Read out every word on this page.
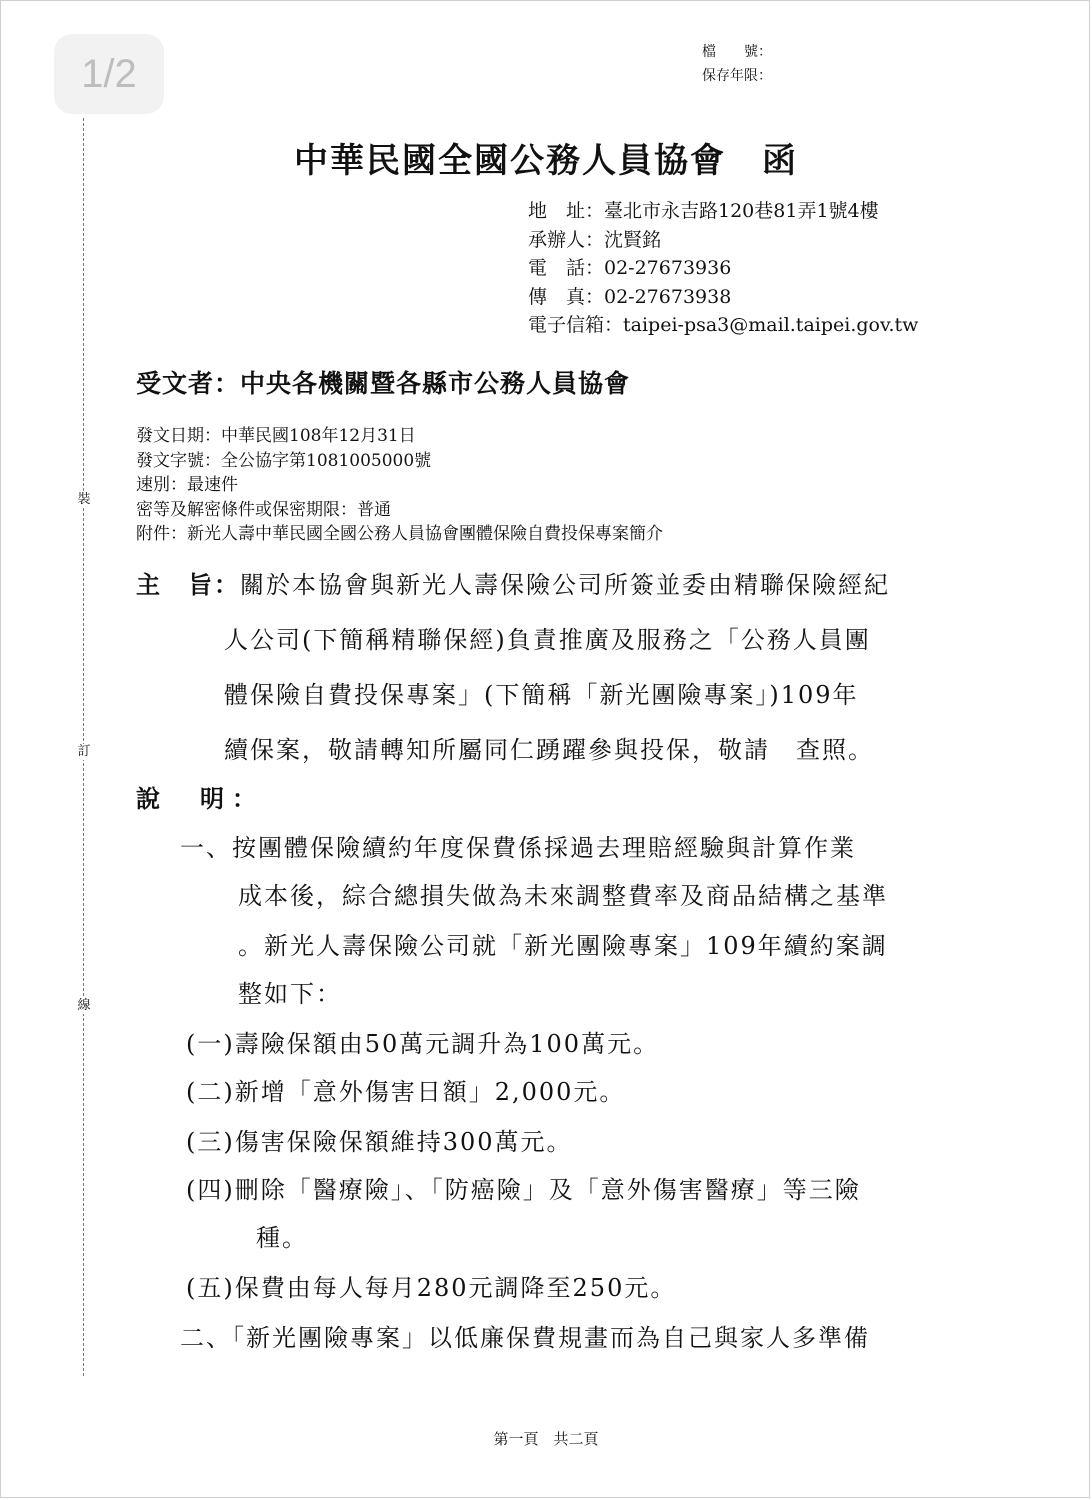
1/2
裝
訂
線
檔　　號：
保存年限：
中華民國全國公務人員協會　函
地　址：臺北市永吉路120巷81弄1號4樓
承辦人：沈賢銘
電　話：02-27673936
傳　真：02-27673938
電子信箱：taipei-psa3@mail.taipei.gov.tw
受文者：中央各機關暨各縣市公務人員協會
發文日期：中華民國108年12月31日
發文字號：全公協字第1081005000號
速別：最速件
密等及解密條件或保密期限：普通
附件：新光人壽中華民國全國公務人員協會團體保險自費投保專案簡介
主　旨：關於本協會與新光人壽保險公司所簽並委由精聯保險經紀
人公司(下簡稱精聯保經)負責推廣及服務之「公務人員團
體保險自費投保專案」(下簡稱「新光團險專案」)109年
續保案，敬請轉知所屬同仁踴躍參與投保，敬請　查照。
說　明：
一、按團體保險續約年度保費係採過去理賠經驗與計算作業
成本後，綜合總損失做為未來調整費率及商品結構之基準
。新光人壽保險公司就「新光團險專案」109年續約案調
整如下：
(一)壽險保額由50萬元調升為100萬元。
(二)新增「意外傷害日額」2,000元。
(三)傷害保險保額維持300萬元。
(四)刪除「醫療險」、「防癌險」及「意外傷害醫療」等三險
種。
(五)保費由每人每月280元調降至250元。
二、「新光團險專案」以低廉保費規畫而為自己與家人多準備
第一頁　共二頁
